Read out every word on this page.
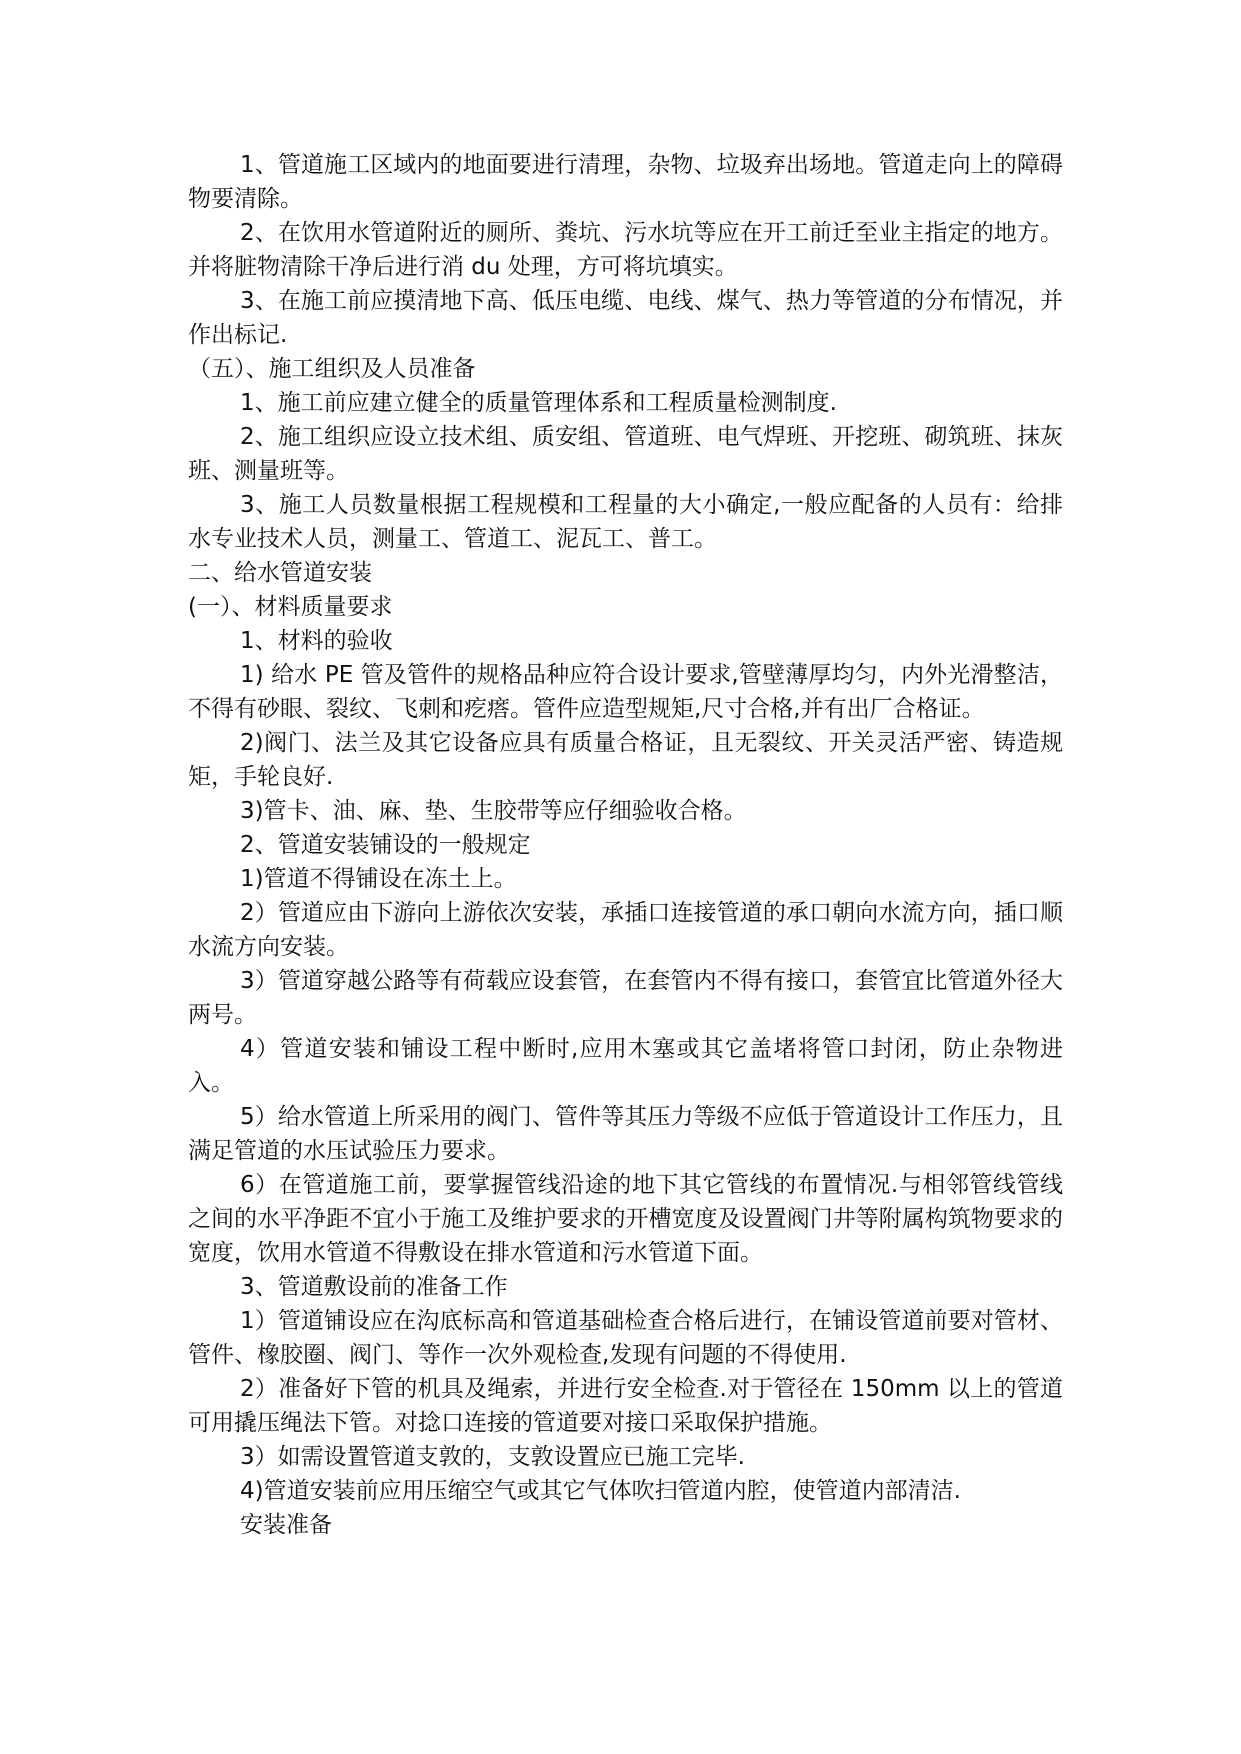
1、管道施工区域内的地面要进行清理，杂物、垃圾弃出场地。管道走向上的障碍物要清除。

2、在饮用水管道附近的厕所、粪坑、污水坑等应在开工前迁至业主指定的地方。并将脏物清除干净后进行消 du 处理，方可将坑填实。

3、在施工前应摸清地下高、低压电缆、电线、煤气、热力等管道的分布情况，并作出标记.

（五）、施工组织及人员准备

1、施工前应建立健全的质量管理体系和工程质量检测制度.

2、施工组织应设立技术组、质安组、管道班、电气焊班、开挖班、砌筑班、抹灰班、测量班等。

3、施工人员数量根据工程规模和工程量的大小确定,一般应配备的人员有：给排水专业技术人员，测量工、管道工、泥瓦工、普工。

二、给水管道安装

(一）、材料质量要求

1、材料的验收

1) 给水 PE 管及管件的规格品种应符合设计要求,管壁薄厚均匀，内外光滑整洁，不得有砂眼、裂纹、飞刺和疙瘩。管件应造型规矩,尺寸合格,并有出厂合格证。

2)阀门、法兰及其它设备应具有质量合格证，且无裂纹、开关灵活严密、铸造规矩，手轮良好.

3)管卡、油、麻、垫、生胶带等应仔细验收合格。

2、管道安装铺设的一般规定

1)管道不得铺设在冻土上。

2）管道应由下游向上游依次安装，承插口连接管道的承口朝向水流方向，插口顺水流方向安装。

3）管道穿越公路等有荷载应设套管，在套管内不得有接口，套管宜比管道外径大两号。

4）管道安装和铺设工程中断时,应用木塞或其它盖堵将管口封闭，防止杂物进入。

5）给水管道上所采用的阀门、管件等其压力等级不应低于管道设计工作压力，且满足管道的水压试验压力要求。

6）在管道施工前，要掌握管线沿途的地下其它管线的布置情况.与相邻管线管线之间的水平净距不宜小于施工及维护要求的开槽宽度及设置阀门井等附属构筑物要求的宽度，饮用水管道不得敷设在排水管道和污水管道下面。

3、管道敷设前的准备工作

1）管道铺设应在沟底标高和管道基础检查合格后进行，在铺设管道前要对管材、管件、橡胶圈、阀门、等作一次外观检查,发现有问题的不得使用.

2）准备好下管的机具及绳索，并进行安全检查.对于管径在 150mm 以上的管道可用撬压绳法下管。对捻口连接的管道要对接口采取保护措施。

3）如需设置管道支敦的，支敦设置应已施工完毕.

4)管道安装前应用压缩空气或其它气体吹扫管道内腔，使管道内部清洁.

安装准备
